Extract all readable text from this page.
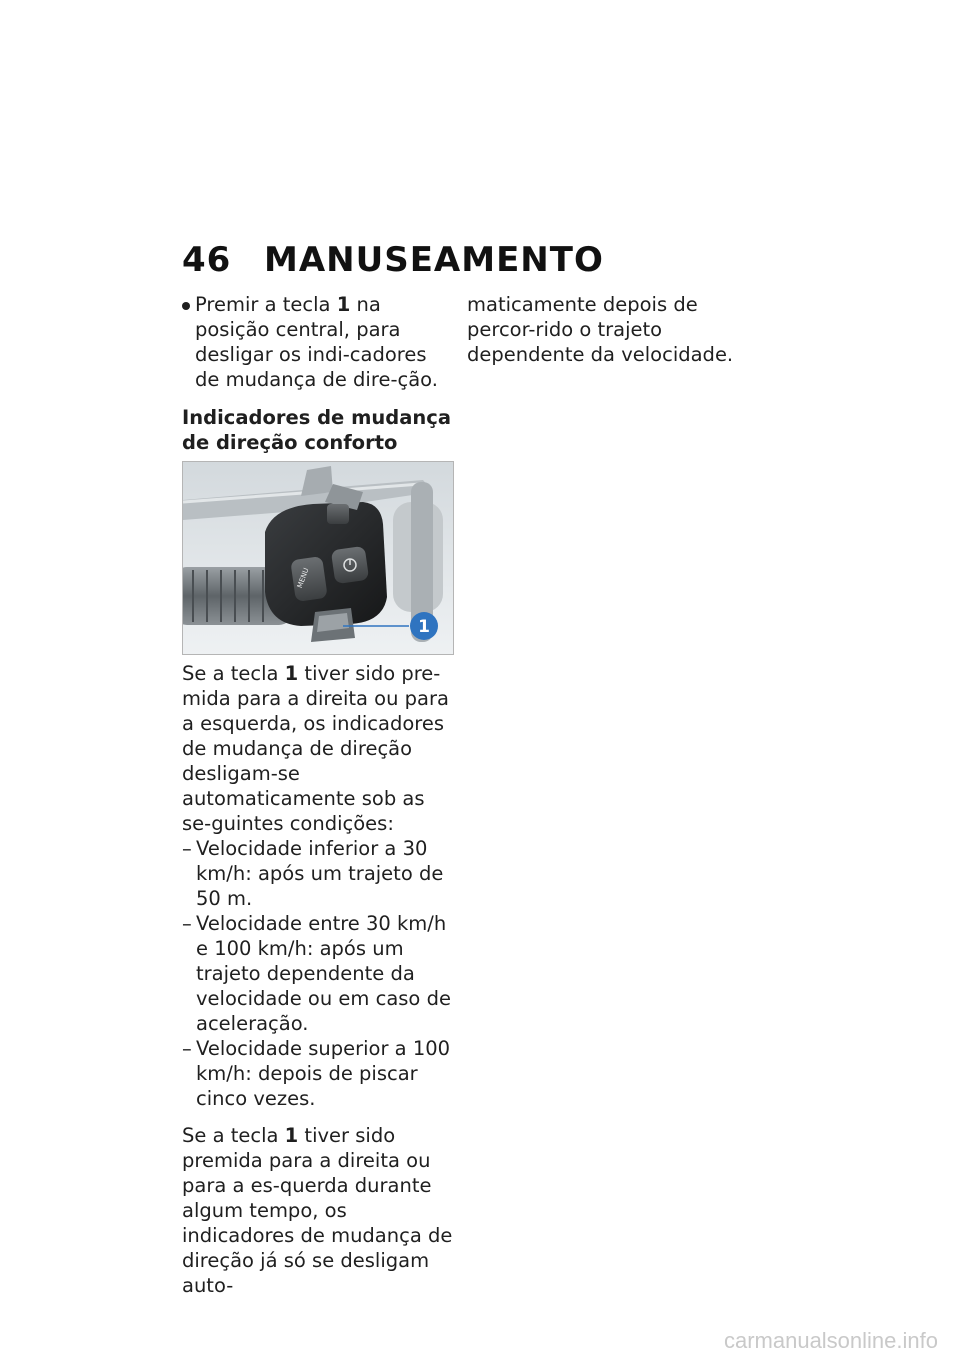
46 MANUSEAMENTO
Premir a tecla 1 na posição central, para desligar os indi-cadores de mudança de dire-ção.
Indicadores de mudança de direção conforto
MENU
1
Se a tecla 1 tiver sido pre-mida para a direita ou para a esquerda, os indicadores de mudança de direção desligam-se automaticamente sob as se-guintes condições:
– Velocidade inferior a 30 km/h: após um trajeto de 50 m.
– Velocidade entre 30 km/h e 100 km/h: após um trajeto dependente da velocidade ou em caso de aceleração.
– Velocidade superior a 100 km/h: depois de piscar cinco vezes.
Se a tecla 1 tiver sido premida para a direita ou para a es-querda durante algum tempo, os indicadores de mudança de direção já só se desligam auto-
maticamente depois de percor-rido o trajeto dependente da velocidade.
carmanualsonline.info
